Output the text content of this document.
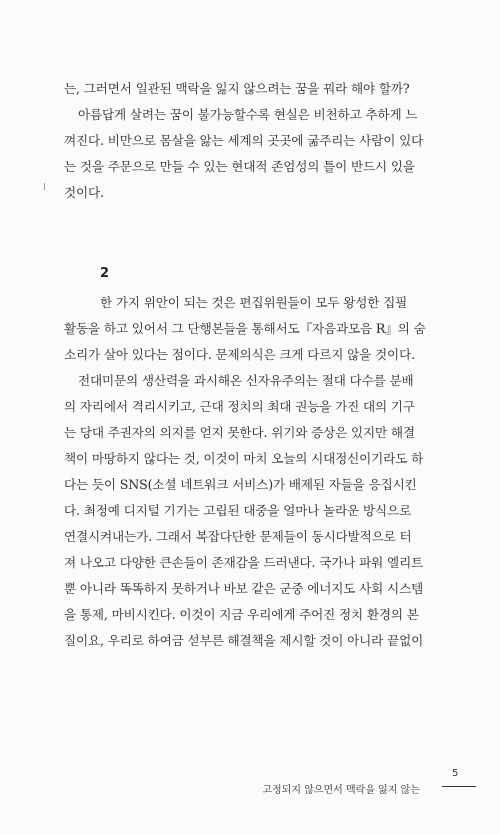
는, 그러면서 일관된 맥락을 잃지 않으려는 꿈을 꿔라 해야 할까?
아름답게 살려는 꿈이 불가능할수록 현실은 비천하고 추하게 느
껴진다. 비만으로 몸살을 앓는 세계의 곳곳에 굶주리는 사람이 있다
는 것을 주문으로 만들 수 있는 현대적 존엄성의 틀이 반드시 있을
것이다.
2
한 가지 위안이 되는 것은 편집위원들이 모두 왕성한 집필
활동을 하고 있어서 그 단행본들을 통해서도『자음과모음 R』의 숨
소리가 살아 있다는 점이다. 문제의식은 크게 다르지 않을 것이다.
전대미문의 생산력을 과시해온 신자유주의는 절대 다수를 분배
의 자리에서 격리시키고, 근대 정치의 최대 권능을 가진 대의 기구
는 당대 주권자의 의지를 얻지 못한다. 위기와 증상은 있지만 해결
책이 마땅하지 않다는 것, 이것이 마치 오늘의 시대정신이기라도 하
다는 듯이 SNS(소셜 네트워크 서비스)가 배제된 자들을 응집시킨
다. 최정예 디지털 기기는 고립된 대중을 얼마나 놀라운 방식으로
연결시켜내는가. 그래서 복잡다단한 문제들이 동시다발적으로 터
져 나오고 다양한 큰손들이 존재감을 드러낸다. 국가나 파워 엘리트
뿐 아니라 똑똑하지 못하거나 바보 같은 군중 에너지도 사회 시스템
을 통제, 마비시킨다. 이것이 지금 우리에게 주어진 정치 환경의 본
질이요, 우리로 하여금 섣부른 해결책을 제시할 것이 아니라 끝없이
5
고정되지 않으면서 맥락을 잃지 않는
